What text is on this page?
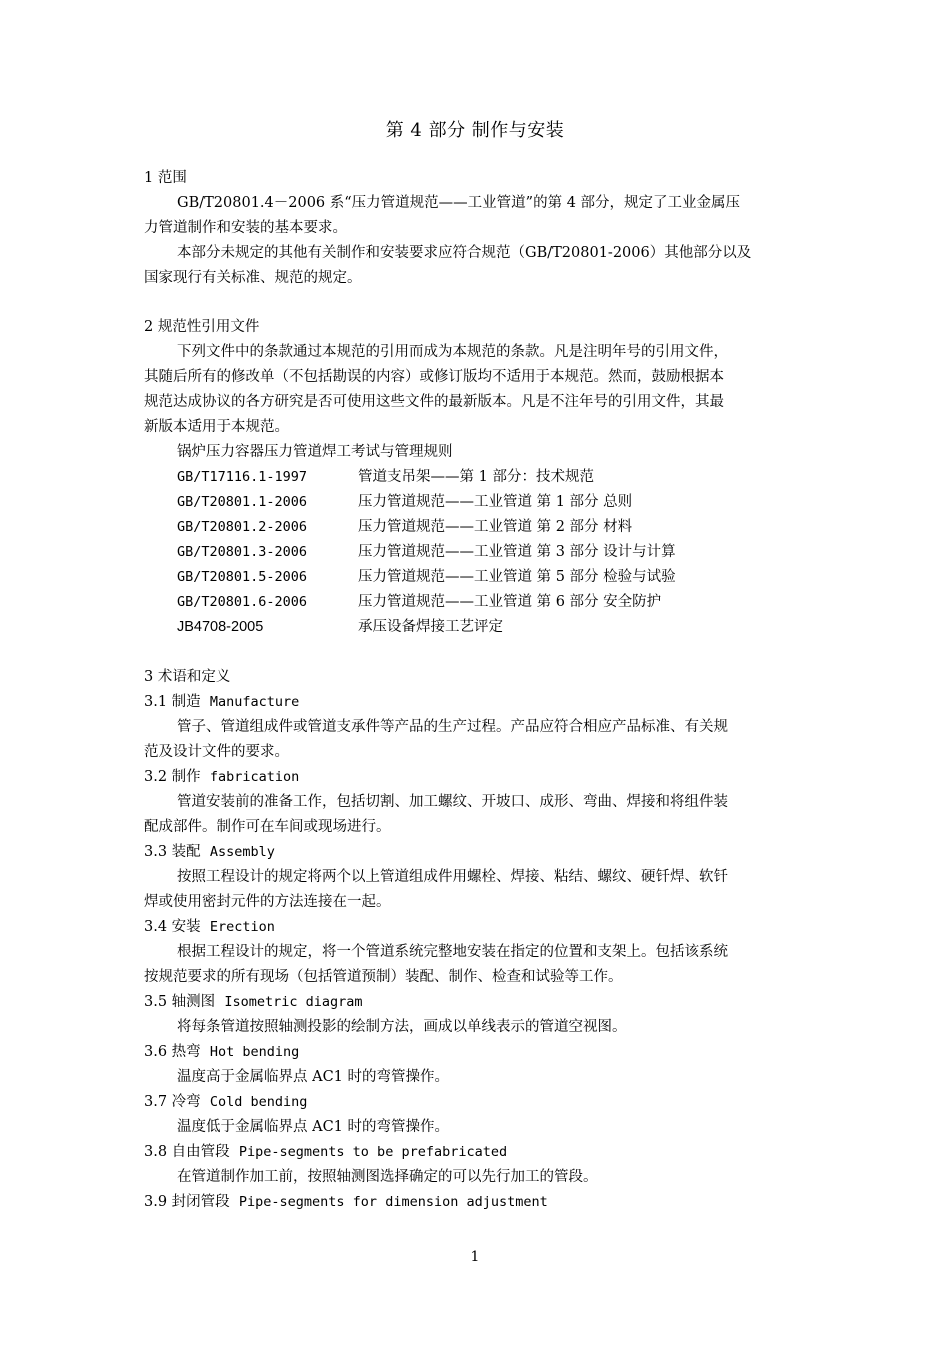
第 4 部分 制作与安装
1 范围
GB/T20801.4－2006 系“压力管道规范——工业管道”的第 4 部分，规定了工业金属压
力管道制作和安装的基本要求。
本部分未规定的其他有关制作和安装要求应符合规范（GB/T20801-2006）其他部分以及
国家现行有关标准、规范的规定。
2 规范性引用文件
下列文件中的条款通过本规范的引用而成为本规范的条款。凡是注明年号的引用文件，
其随后所有的修改单（不包括勘误的内容）或修订版均不适用于本规范。然而，鼓励根据本
规范达成协议的各方研究是否可使用这些文件的最新版本。凡是不注年号的引用文件，其最
新版本适用于本规范。
锅炉压力容器压力管道焊工考试与管理规则
GB/T17116.1-1997	管道支吊架——第 1 部分：技术规范
GB/T20801.1-2006	压力管道规范——工业管道 第 1 部分 总则
GB/T20801.2-2006	压力管道规范——工业管道 第 2 部分 材料
GB/T20801.3-2006	压力管道规范——工业管道 第 3 部分 设计与计算
GB/T20801.5-2006	压力管道规范——工业管道 第 5 部分 检验与试验
GB/T20801.6-2006	压力管道规范——工业管道 第 6 部分 安全防护
JB4708-2005	承压设备焊接工艺评定
3 术语和定义
3.1 制造 Manufacture
管子、管道组成件或管道支承件等产品的生产过程。产品应符合相应产品标准、有关规
范及设计文件的要求。
3.2 制作 fabrication
管道安装前的准备工作，包括切割、加工螺纹、开坡口、成形、弯曲、焊接和将组件装
配成部件。制作可在车间或现场进行。
3.3 装配 Assembly
按照工程设计的规定将两个以上管道组成件用螺栓、焊接、粘结、螺纹、硬钎焊、软钎
焊或使用密封元件的方法连接在一起。
3.4 安装 Erection
根据工程设计的规定，将一个管道系统完整地安装在指定的位置和支架上。包括该系统
按规范要求的所有现场（包括管道预制）装配、制作、检查和试验等工作。
3.5 轴测图 Isometric diagram
将每条管道按照轴测投影的绘制方法，画成以单线表示的管道空视图。
3.6 热弯 Hot bending
温度高于金属临界点 AC1 时的弯管操作。
3.7 冷弯 Cold bending
温度低于金属临界点 AC1 时的弯管操作。
3.8 自由管段 Pipe-segments to be prefabricated
在管道制作加工前，按照轴测图选择确定的可以先行加工的管段。
3.9 封闭管段 Pipe-segments for dimension adjustment
1
